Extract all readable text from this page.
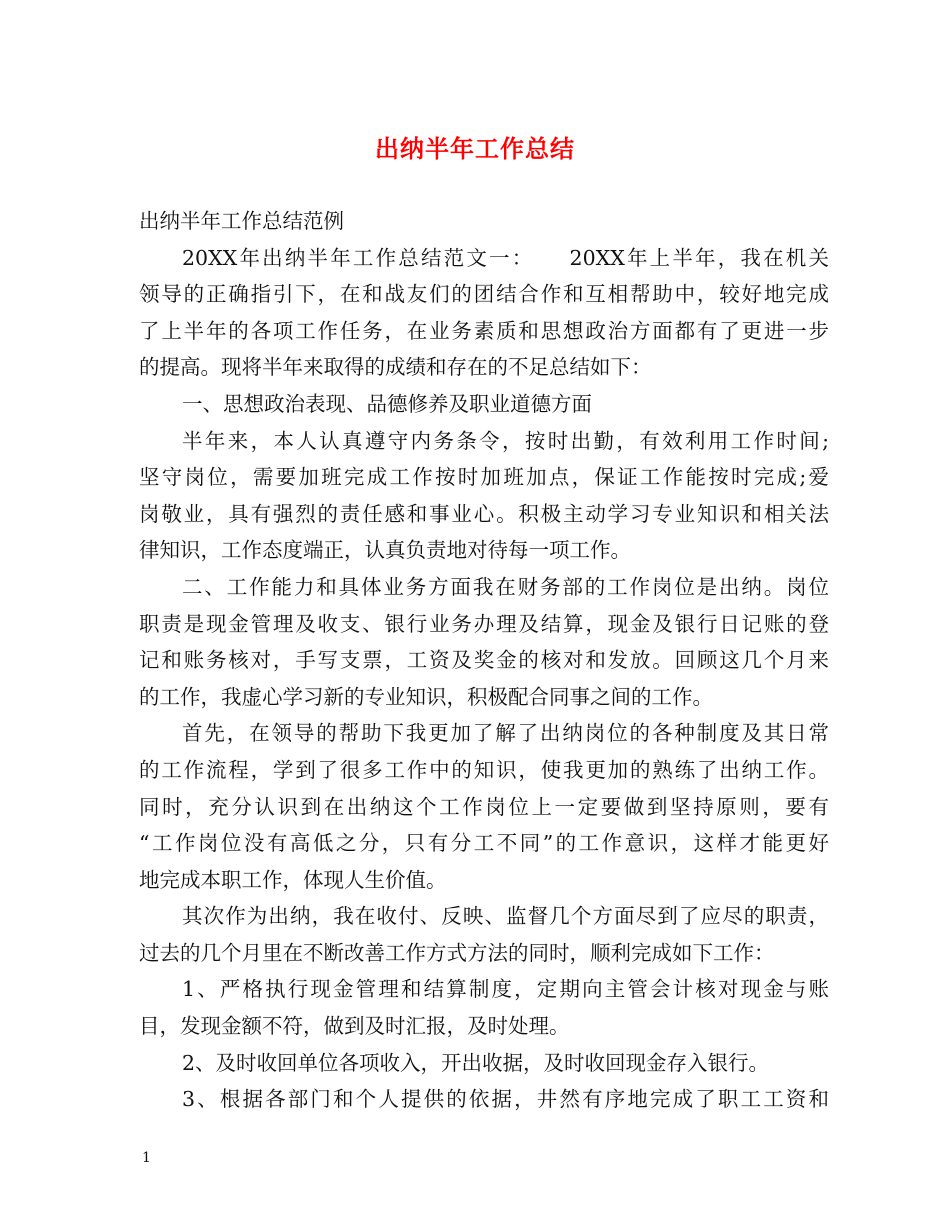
出纳半年工作总结
出纳半年工作总结范例
20XX年出纳半年工作总结范文一：　　20XX年上半年，我在机关
领导的正确指引下，在和战友们的团结合作和互相帮助中，较好地完成
了上半年的各项工作任务，在业务素质和思想政治方面都有了更进一步
的提高。现将半年来取得的成绩和存在的不足总结如下：
一、思想政治表现、品德修养及职业道德方面
半年来，本人认真遵守内务条令，按时出勤，有效利用工作时间;
坚守岗位，需要加班完成工作按时加班加点，保证工作能按时完成;爱
岗敬业，具有强烈的责任感和事业心。积极主动学习专业知识和相关法
律知识，工作态度端正，认真负责地对待每一项工作。
二、工作能力和具体业务方面我在财务部的工作岗位是出纳。岗位
职责是现金管理及收支、银行业务办理及结算，现金及银行日记账的登
记和账务核对，手写支票，工资及奖金的核对和发放。回顾这几个月来
的工作，我虚心学习新的专业知识，积极配合同事之间的工作。
首先，在领导的帮助下我更加了解了出纳岗位的各种制度及其日常
的工作流程，学到了很多工作中的知识，使我更加的熟练了出纳工作。
同时，充分认识到在出纳这个工作岗位上一定要做到坚持原则，要有
“工作岗位没有高低之分，只有分工不同”的工作意识，这样才能更好
地完成本职工作，体现人生价值。
其次作为出纳，我在收付、反映、监督几个方面尽到了应尽的职责，
过去的几个月里在不断改善工作方式方法的同时，顺利完成如下工作：
1、严格执行现金管理和结算制度，定期向主管会计核对现金与账
目，发现金额不符，做到及时汇报，及时处理。
2、及时收回单位各项收入，开出收据，及时收回现金存入银行。
3、根据各部门和个人提供的依据，井然有序地完成了职工工资和
1
